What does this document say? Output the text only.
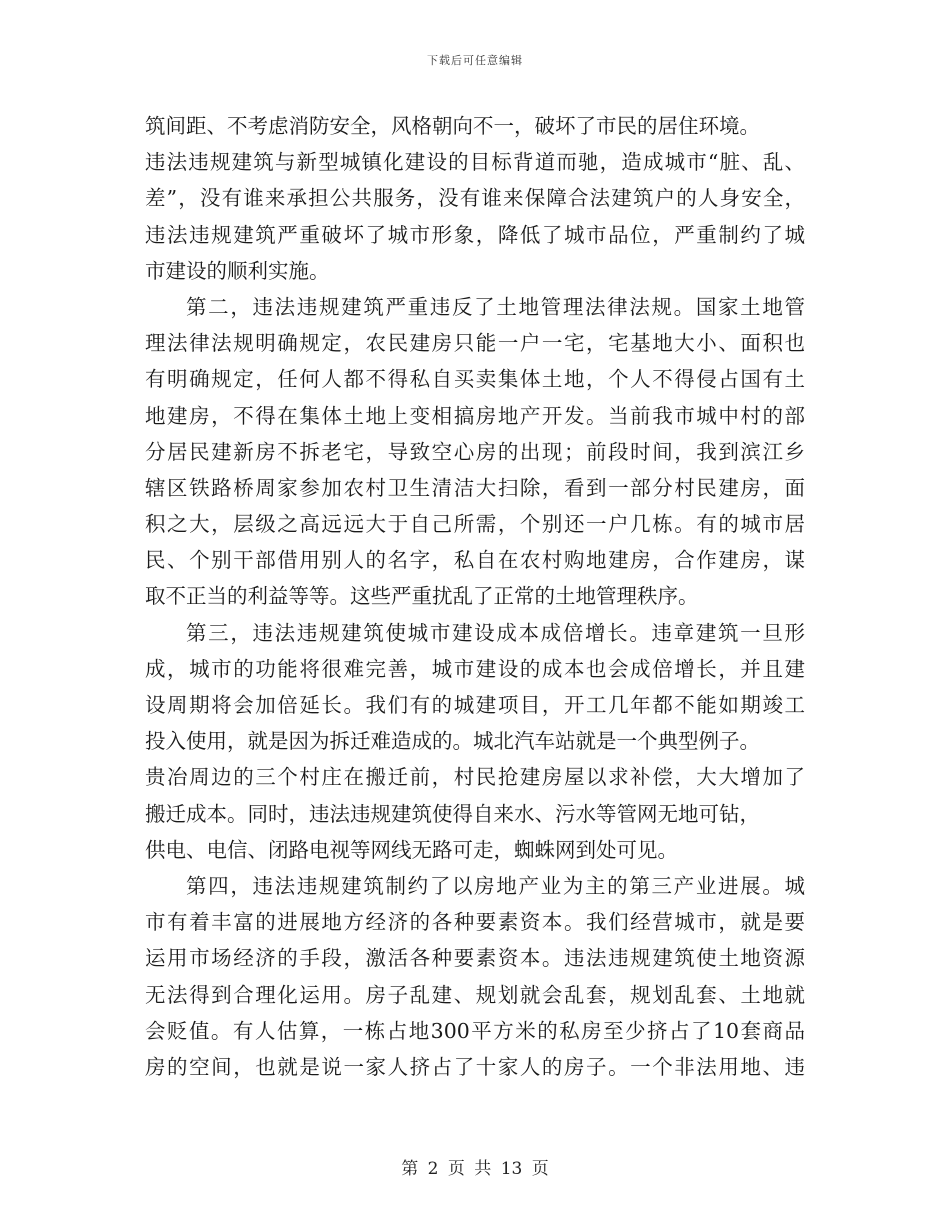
下载后可任意编辑
筑间距、不考虑消防安全，风格朝向不一，破坏了市民的居住环境。
违法违规建筑与新型城镇化建设的目标背道而驰，造成城市“脏、乱、
差”，没有谁来承担公共服务，没有谁来保障合法建筑户的人身安全，
违法违规建筑严重破坏了城市形象，降低了城市品位，严重制约了城
市建设的顺利实施。
第二，违法违规建筑严重违反了土地管理法律法规。国家土地管
理法律法规明确规定，农民建房只能一户一宅，宅基地大小、面积也
有明确规定，任何人都不得私自买卖集体土地，个人不得侵占国有土
地建房，不得在集体土地上变相搞房地产开发。当前我市城中村的部
分居民建新房不拆老宅，导致空心房的出现；前段时间，我到滨江乡
辖区铁路桥周家参加农村卫生清洁大扫除，看到一部分村民建房，面
积之大，层级之高远远大于自己所需，个别还一户几栋。有的城市居
民、个别干部借用别人的名字，私自在农村购地建房，合作建房，谋
取不正当的利益等等。这些严重扰乱了正常的土地管理秩序。
第三，违法违规建筑使城市建设成本成倍增长。违章建筑一旦形
成，城市的功能将很难完善，城市建设的成本也会成倍增长，并且建
设周期将会加倍延长。我们有的城建项目，开工几年都不能如期竣工
投入使用，就是因为拆迁难造成的。城北汽车站就是一个典型例子。
贵冶周边的三个村庄在搬迁前，村民抢建房屋以求补偿，大大增加了
搬迁成本。同时，违法违规建筑使得自来水、污水等管网无地可钻，
供电、电信、闭路电视等网线无路可走，蜘蛛网到处可见。
第四，违法违规建筑制约了以房地产业为主的第三产业进展。城
市有着丰富的进展地方经济的各种要素资本。我们经营城市，就是要
运用市场经济的手段，激活各种要素资本。违法违规建筑使土地资源
无法得到合理化运用。房子乱建、规划就会乱套，规划乱套、土地就
会贬值。有人估算，一栋占地300平方米的私房至少挤占了10套商品
房的空间，也就是说一家人挤占了十家人的房子。一个非法用地、违
第 2 页 共 13 页
